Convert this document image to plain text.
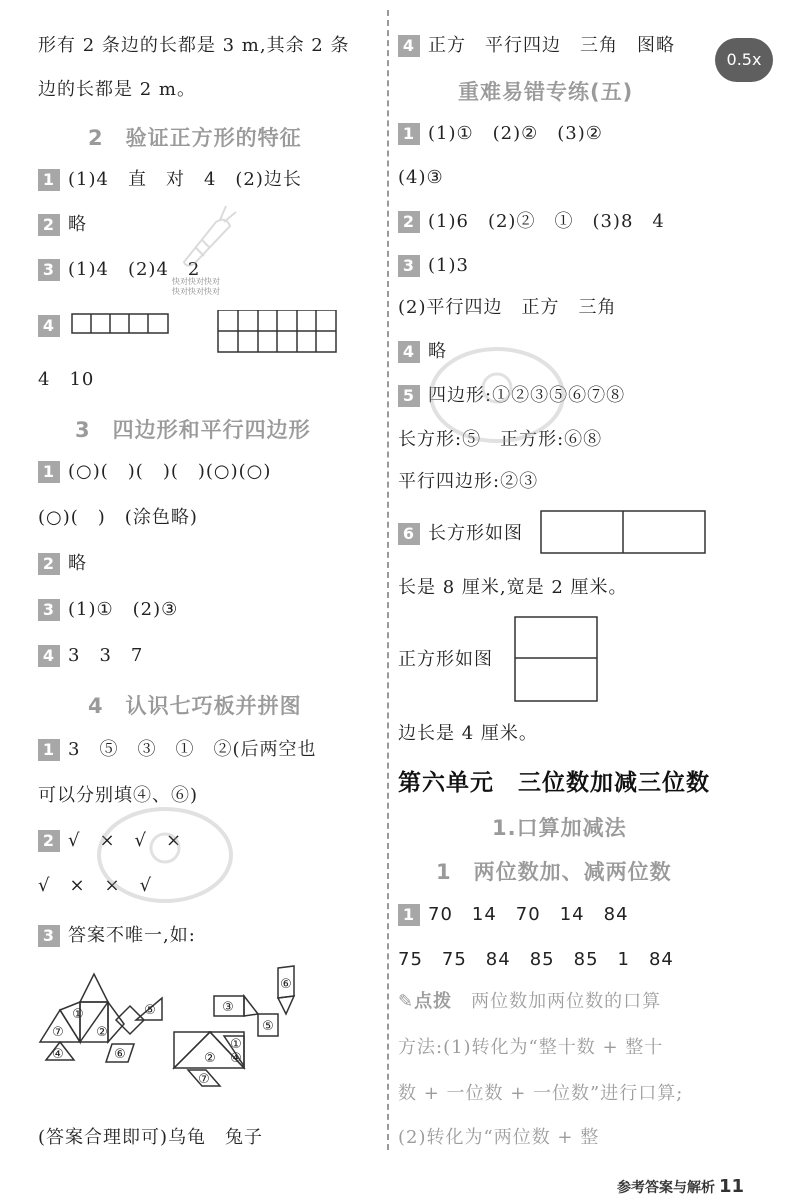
0.5x
形有 2 条边的长都是 3 m,其余 2 条
边的长都是 2 m。
2　验证正方形的特征
1 (1)4　直　对　4　(2)边长
2 略
3 (1)4　(2)4　2
4
4　10
3　四边形和平行四边形
1 (○)(　)(　)(　)(○)(○)
(○)(　)　(涂色略)
2 略
3 (1)①　(2)③
4 3　3　7
4　认识七巧板并拼图
1 3　⑤　③　①　②(后两空也
可以分别填④、⑥)
2 √　×　√　×
√　×　×　√
3 答案不唯一,如:
⑦
①
②
⑤
④	⑥
③
⑥
⑤
①
② ④
⑦
(答案合理即可)乌龟　兔子
快对快对快对
快对快对快对
4 正方　平行四边　三角　图略
重难易错专练(五)
1 (1)①　(2)②　(3)②
(4)③
2 (1)6　(2)②　①　(3)8　4
3 (1)3
(2)平行四边　正方　三角
4 略
5 四边形:①②③⑤⑥⑦⑧
长方形:⑤　正方形:⑥⑧
平行四边形:②③
6 长方形如图
长是 8 厘米,宽是 2 厘米。
正方形如图
边长是 4 厘米。
第六单元　三位数加减三位数
1.口算加减法
1　两位数加、减两位数
1 70　14　70　14　84
75　75　84　85　85　1　84
✎点拨　 两位数加两位数的口算
方法:(1)转化为“整十数 + 整十
数 + 一位数 + 一位数”进行口算;
(2)转化为“两位数 + 整
参考答案与解析 11
